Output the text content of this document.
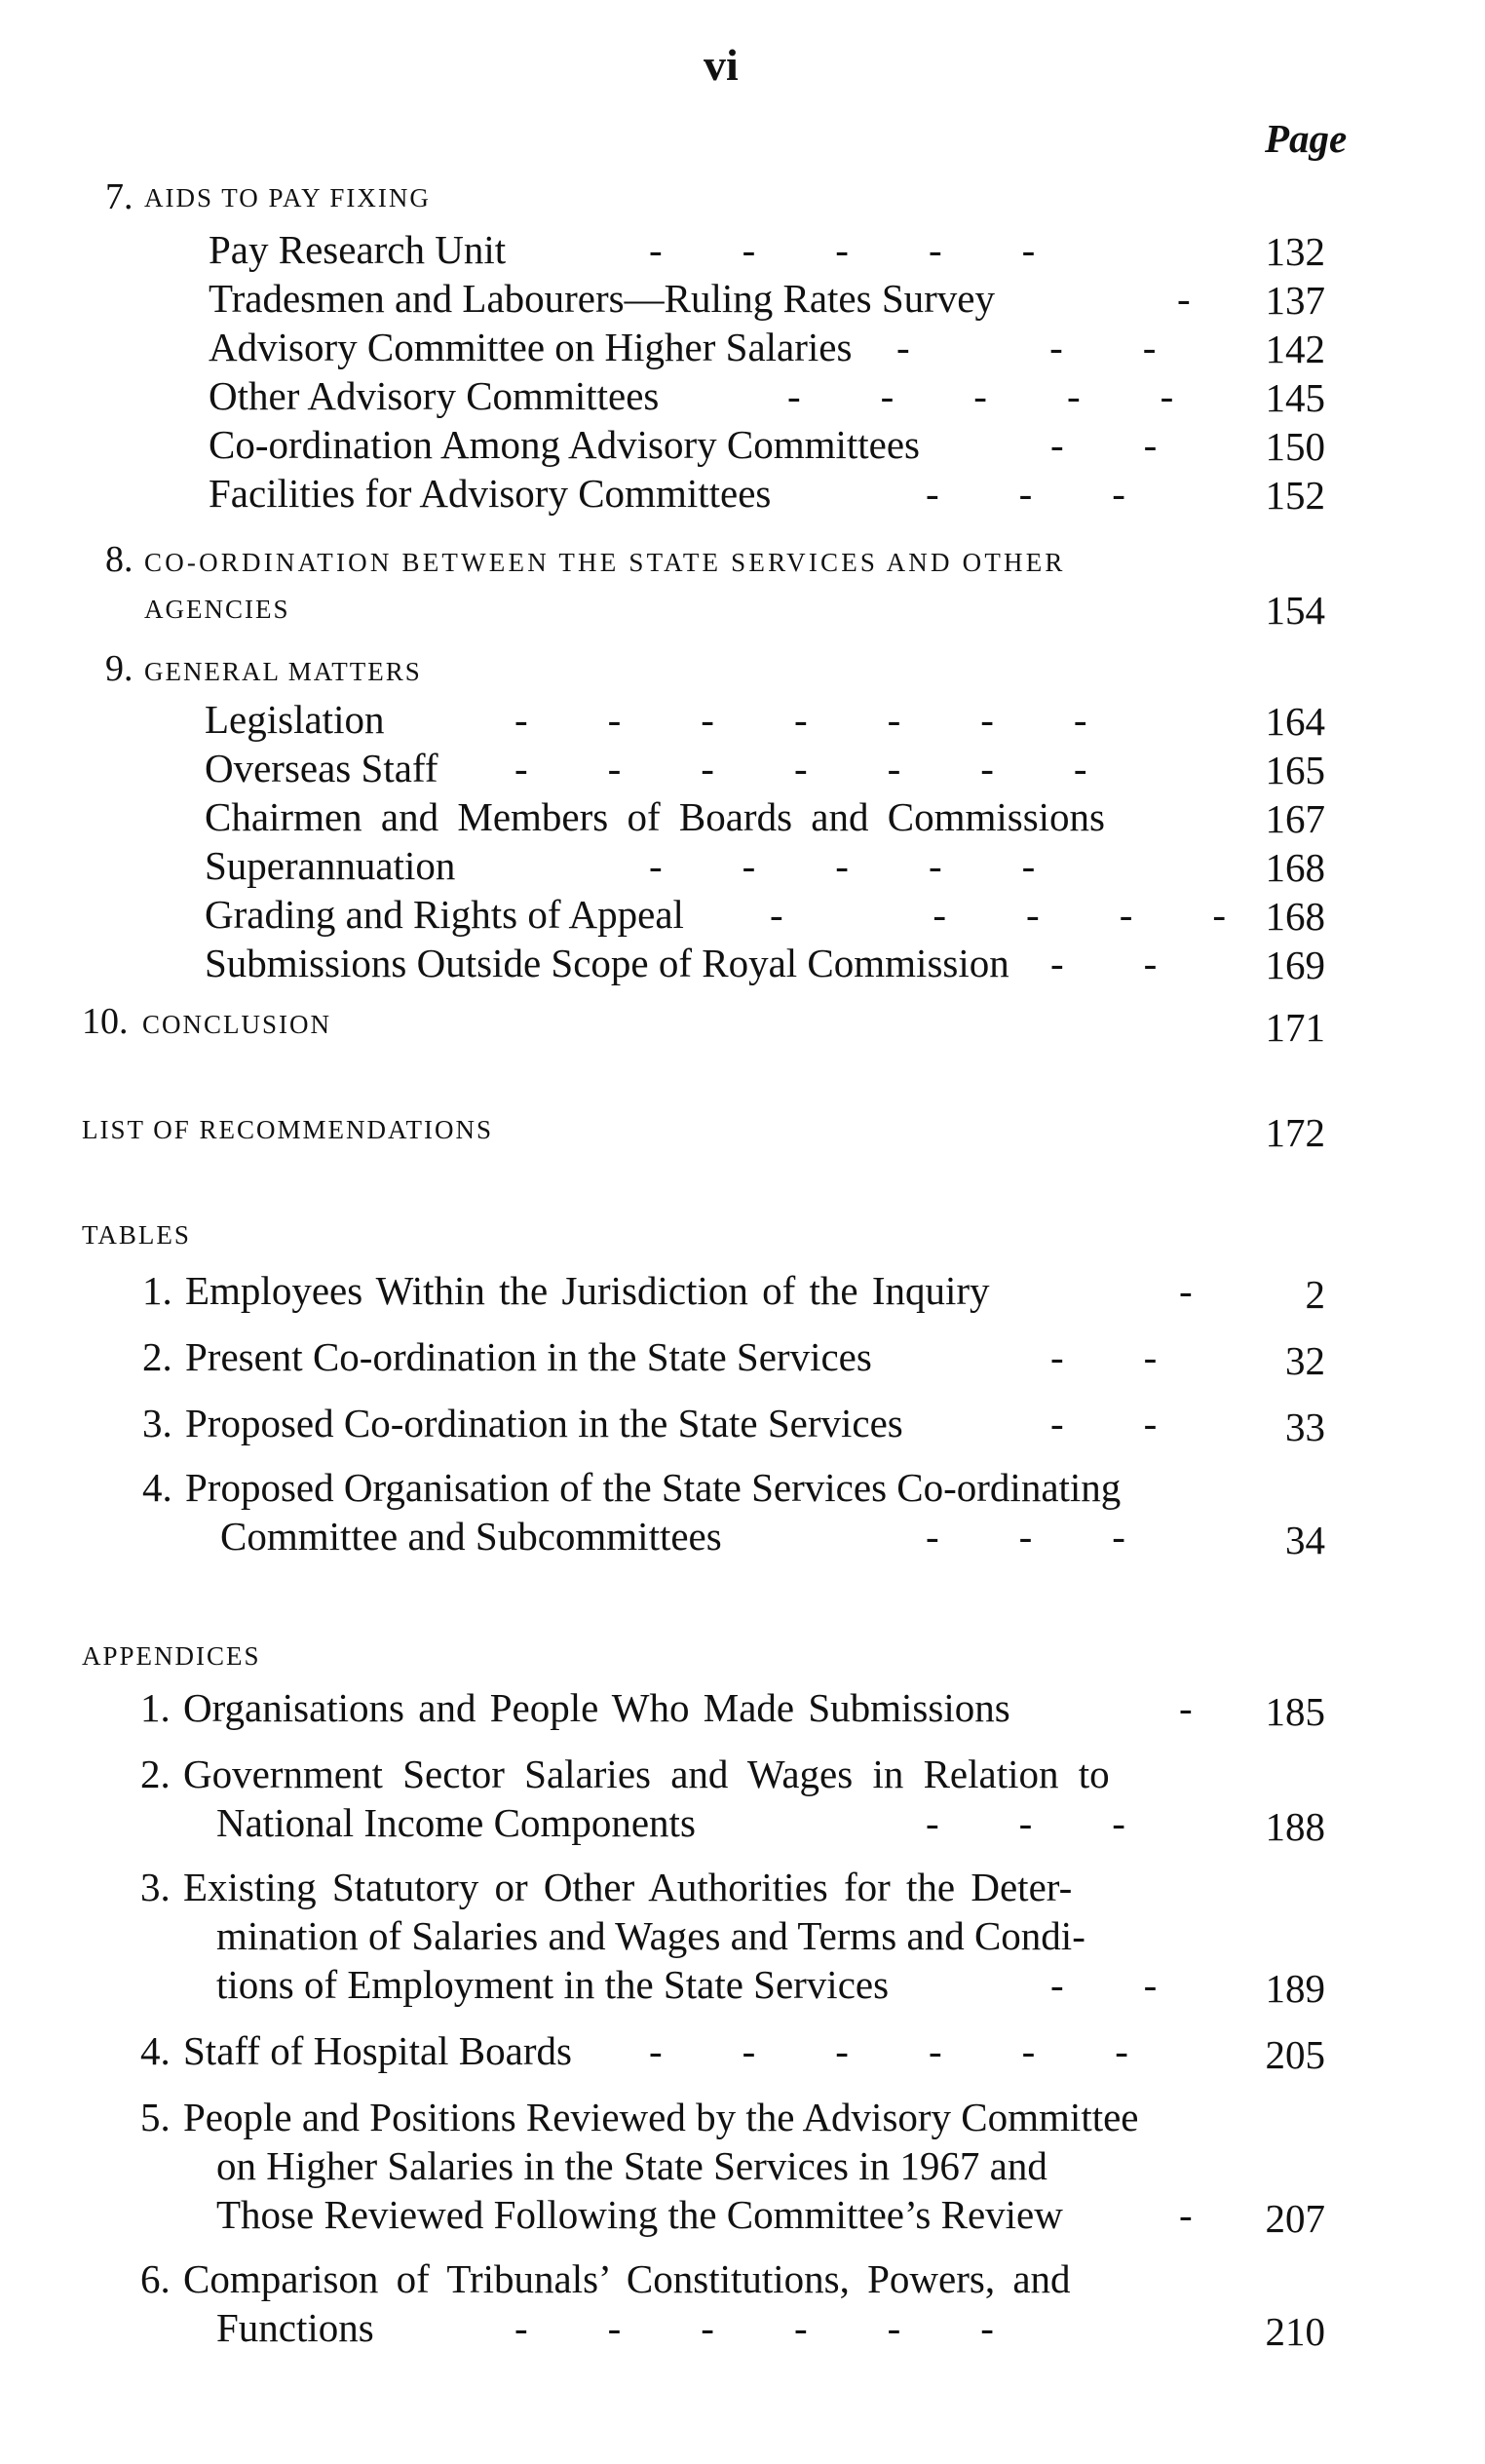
vi
Page
7. AIDS TO PAY FIXING
Pay Research Unit	-        -        -        -        -	132
Tradesmen and Labourers—Ruling Rates Survey	-	137
Advisory Committee on Higher Salaries -              -        -	142
Other Advisory Committees	-        -        -        -        -	145
Co-ordination Among Advisory Committees	-        -	150
Facilities for Advisory Committees	-        -        -	152
8. CO-ORDINATION BETWEEN THE STATE SERVICES AND OTHER
AGENCIES	154
9. GENERAL MATTERS
Legislation	-        -        -        -        -        -        -	164
Overseas Staff -        -        -        -        -        -        -	165
Chairmen and Members of Boards and Commissions	167
Superannuation	-        -        -        -        -	168
Grading and Rights of Appeal -               -        -        -        - 168
Submissions Outside Scope of Royal Commission -        -	169
10. CONCLUSION	171
LIST OF RECOMMENDATIONS	172
TABLES
1. Employees Within the Jurisdiction of the Inquiry	-	2
2. Present Co-ordination in the State Services	-        -	32
3. Proposed Co-ordination in the State Services	-        -	33
4. Proposed Organisation of the State Services Co-ordinating
Committee and Subcommittees	-        -        -	34
APPENDICES
1. Organisations and People Who Made Submissions	-	185
2. Government Sector Salaries and Wages in Relation to
National Income Components	-        -        -	188
3. Existing Statutory or Other Authorities for the Deter-
mination of Salaries and Wages and Terms and Condi-
tions of Employment in the State Services	-        -	189
4. Staff of Hospital Boards -        -        -        -        -        -	205
5. People and Positions Reviewed by the Advisory Committee
on Higher Salaries in the State Services in 1967 and
Those Reviewed Following the Committee’s Review	-	207
6. Comparison of Tribunals’ Constitutions, Powers, and
Functions	-        -        -        -        -        -	210
